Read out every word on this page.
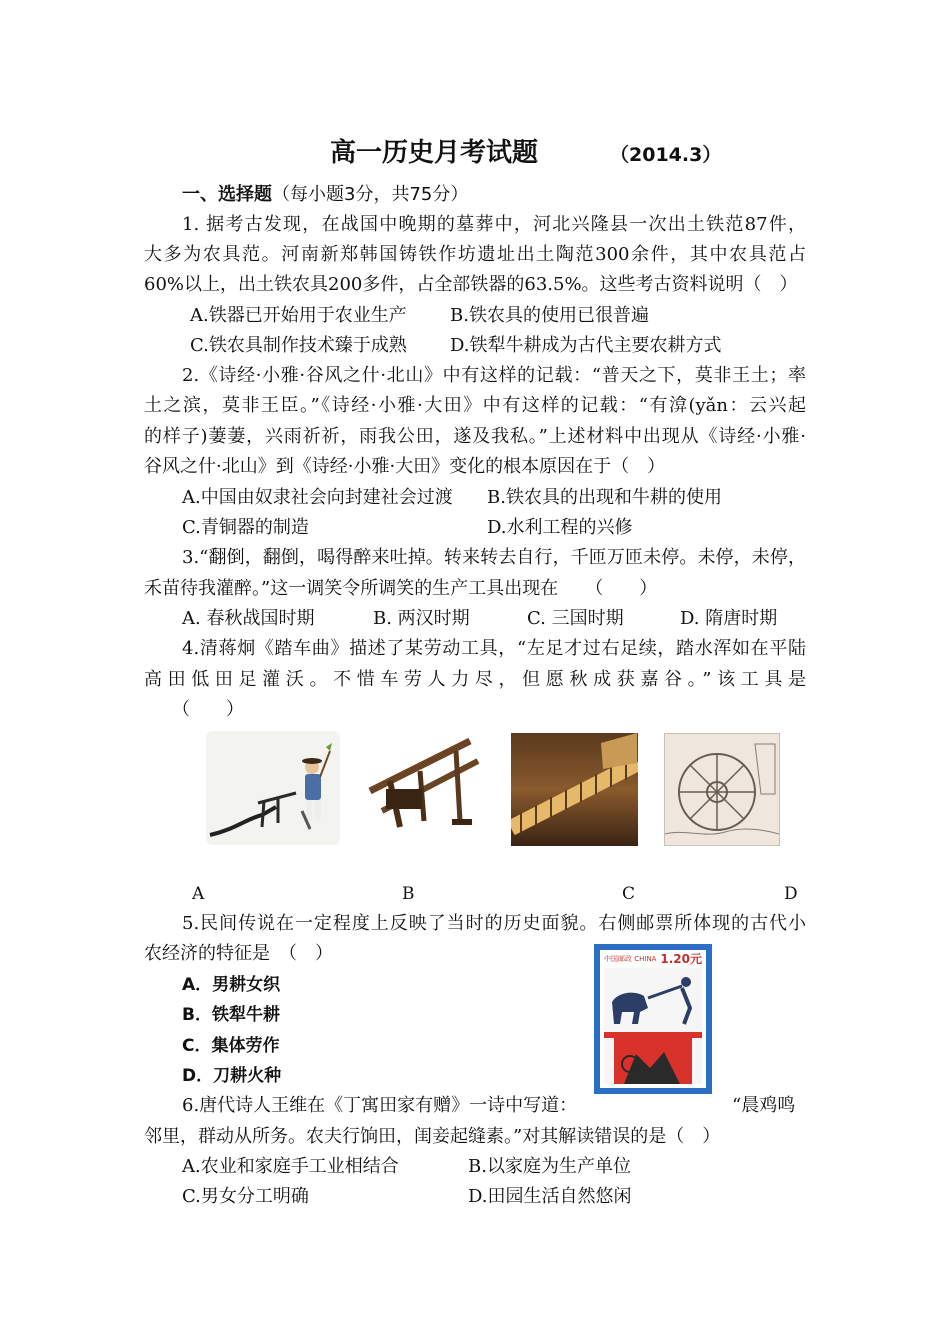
高一历史月考试题	（2014.3）
一、选择题（每小题3分，共75分）
1. 据考古发现，在战国中晚期的墓葬中，河北兴隆县一次出土铁范87件，
大多为农具范。河南新郑韩国铸铁作坊遗址出土陶范300余件，其中农具范占
60%以上，出土铁农具200多件，占全部铁器的63.5%。这些考古资料说明（　）
A.铁器已开始用于农业生产 B.铁农具的使用已很普遍
C.铁农具制作技术臻于成熟 D.铁犁牛耕成为古代主要农耕方式
2.《诗经·小雅·谷风之什·北山》中有这样的记载：“普天之下，莫非王土；率
土之滨，莫非王臣。”《诗经·小雅·大田》中有这样的记载：“有渰(yǎn：云兴起
的样子)萋萋，兴雨祈祈，雨我公田，遂及我私。”上述材料中出现从《诗经·小雅·
谷风之什·北山》到《诗经·小雅·大田》变化的根本原因在于（　）
A.中国由奴隶社会向封建社会过渡 B.铁农具的出现和牛耕的使用
C.青铜器的制造	D.水利工程的兴修
3.“翻倒，翻倒，喝得醉来吐掉。转来转去自行，千匝万匝未停。未停，未停，
禾苗待我灌醉。”这一调笑令所调笑的生产工具出现在　　（　　）
A. 春秋战国时期	B. 两汉时期	C. 三国时期	D. 隋唐时期
4.清蒋炯《踏车曲》描述了某劳动工具，“左足才过右足续，踏水浑如在平陆
高田低田足灌沃。不惜车劳人力尽，但愿秋成获嘉谷。”该工具是
（　　）
A	B	C	D
5.民间传说在一定程度上反映了当时的历史面貌。右侧邮票所体现的古代小
农经济的特征是　（　）
A．男耕女织
B．铁犁牛耕
C．集体劳作
D．刀耕火种
中国邮政 CHINA 1.20元
6.唐代诗人王维在《丁寓田家有赠》一诗中写道：	“晨鸡鸣
邻里，群动从所务。农夫行饷田，闺妾起缝素。”对其解读错误的是（　）
A.农业和家庭手工业相结合	B.以家庭为生产单位
C.男女分工明确	D.田园生活自然悠闲
